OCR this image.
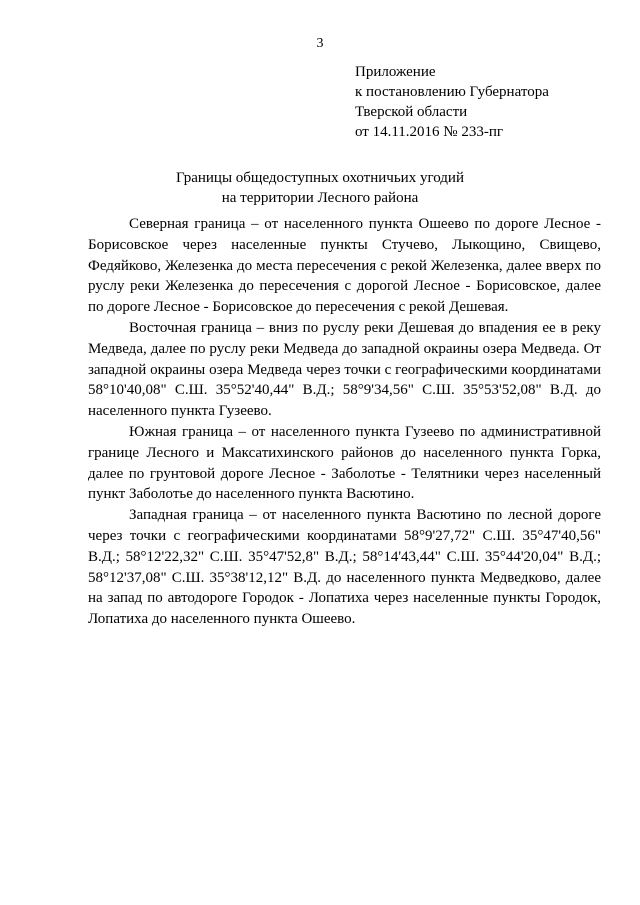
3
Приложение
к постановлению Губернатора
Тверской области
от 14.11.2016 № 233-пг
Границы общедоступных охотничьих угодий
на территории Лесного района

Северная граница – от населенного пункта Ошеево по дороге Лесное - Борисовское через населенные пункты Стучево, Лыкощино, Свищево, Федяйково, Железенка до места пересечения с рекой Железенка, далее вверх по руслу реки Железенка до пересечения с дорогой Лесное - Борисовское, далее по дороге Лесное - Борисовское до пересечения с рекой Дешевая.

Восточная граница – вниз по руслу реки Дешевая до впадения ее в реку Медведа, далее по руслу реки Медведа до западной окраины озера Медведа. От западной окраины озера Медведа через точки с географическими координатами 58°10'40,08" С.Ш. 35°52'40,44" В.Д.; 58°9'34,56" С.Ш. 35°53'52,08" В.Д. до населенного пункта Гузеево.

Южная граница – от населенного пункта Гузеево по административной границе Лесного и Максатихинского районов до населенного пункта Горка, далее по грунтовой дороге Лесное - Заболотье - Телятники через населенный пункт Заболотье до населенного пункта Васютино.

Западная граница – от населенного пункта Васютино по лесной дороге через точки с географическими координатами 58°9'27,72" С.Ш. 35°47'40,56" В.Д.; 58°12'22,32" С.Ш. 35°47'52,8" В.Д.; 58°14'43,44" С.Ш. 35°44'20,04" В.Д.; 58°12'37,08" С.Ш. 35°38'12,12" В.Д. до населенного пункта Медведково, далее на запад по автодороге Городок - Лопатиха через населенные пункты Городок, Лопатиха до населенного пункта Ошеево.
